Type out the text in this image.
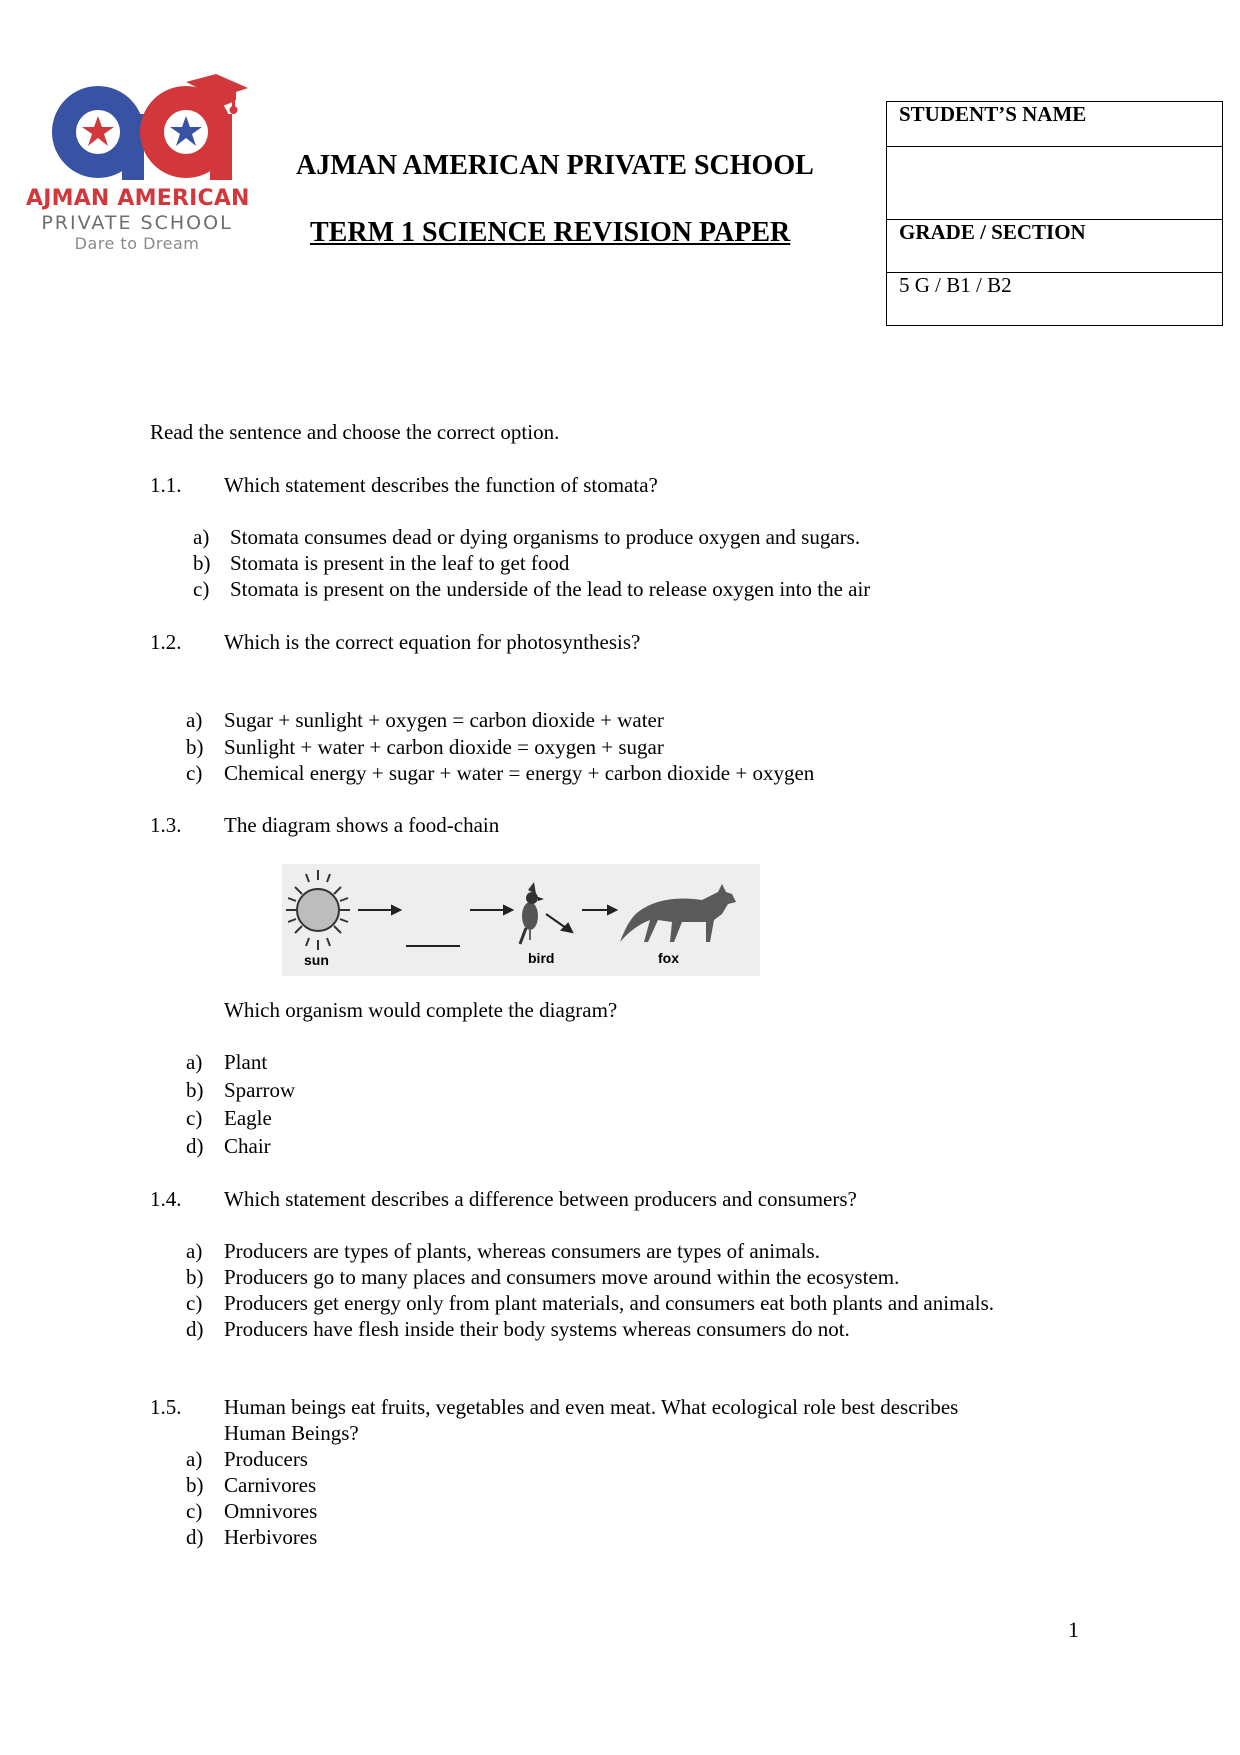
AJMAN AMERICAN
PRIVATE SCHOOL
Dare to Dream
AJMAN AMERICAN PRIVATE SCHOOL
TERM 1 SCIENCE REVISION PAPER
STUDENT’S NAME

GRADE / SECTION
5 G / B1 / B2
Read the sentence and choose the correct option.
1.1. Which statement describes the function of stomata?
a) Stomata consumes dead or dying organisms to produce oxygen and sugars.
b) Stomata is present in the leaf to get food
c) Stomata is present on the underside of the lead to release oxygen into the air
1.2. Which is the correct equation for photosynthesis?
a) Sugar + sunlight + oxygen = carbon dioxide + water
b) Sunlight + water + carbon dioxide = oxygen + sugar
c) Chemical energy + sugar + water = energy + carbon dioxide + oxygen
1.3. The diagram shows a food-chain
sun	bird	fox
Which organism would complete the diagram?
a) Plant
b) Sparrow
c) Eagle
d) Chair
1.4. Which statement describes a difference between producers and consumers?
a) Producers are types of plants, whereas consumers are types of animals.
b) Producers go to many places and consumers move around within the ecosystem.
c) Producers get energy only from plant materials, and consumers eat both plants and animals.
d) Producers have flesh inside their body systems whereas consumers do not.
1.5. Human beings eat fruits, vegetables and even meat. What ecological role best describes
Human Beings?
a) Producers
b) Carnivores
c) Omnivores
d) Herbivores
1
